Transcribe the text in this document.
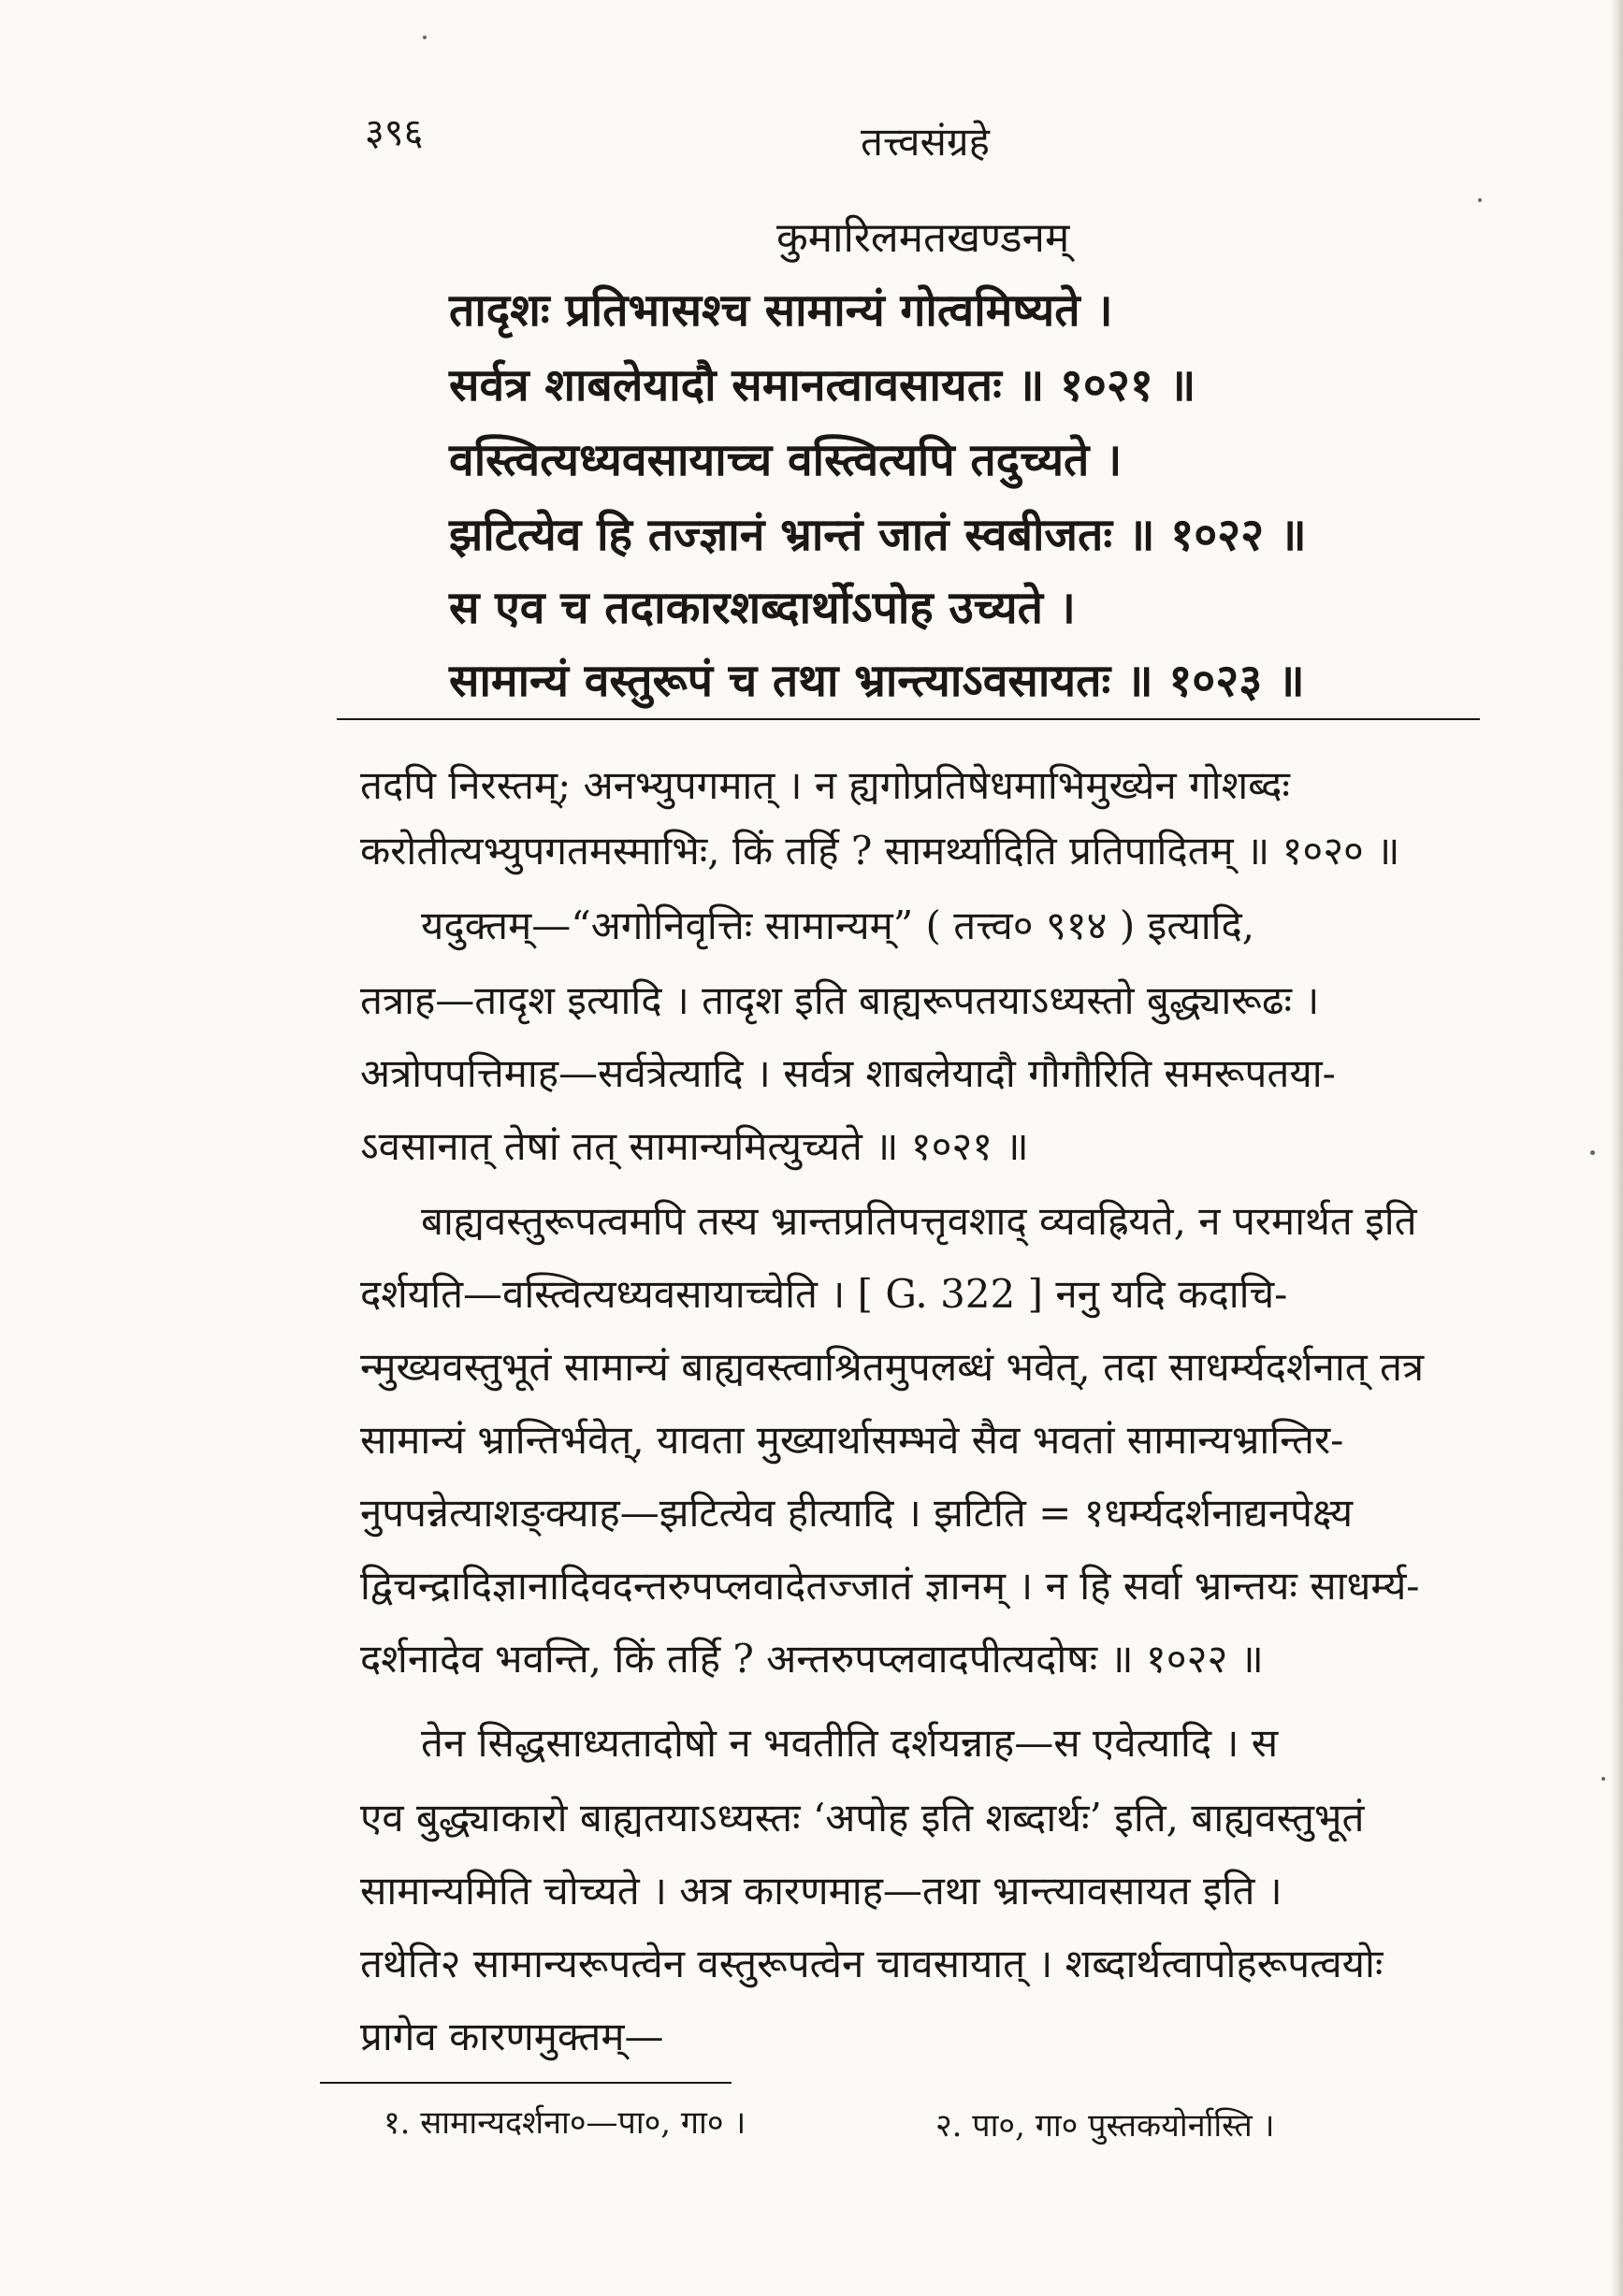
३९६	तत्त्वसंग्रहे
कुमारिलमतखण्डनम्
तादृशः प्रतिभासश्च सामान्यं गोत्वमिष्यते ।
सर्वत्र शाबलेयादौ समानत्वावसायतः ॥ १०२१ ॥
वस्त्वित्यध्यवसायाच्च वस्त्वित्यपि तदुच्यते ।
झटित्येव हि तज्ज्ञानं भ्रान्तं जातं स्वबीजतः ॥ १०२२ ॥
स एव च तदाकारशब्दार्थोऽपोह उच्यते ।
सामान्यं वस्तुरूपं च तथा भ्रान्त्याऽवसायतः ॥ १०२३ ॥
तदपि निरस्तम्; अनभ्युपगमात् । न ह्यगोप्रतिषेधमाभिमुख्येन गोशब्दः
करोतीत्यभ्युपगतमस्माभिः, किं तर्हि ? सामर्थ्यादिति प्रतिपादितम् ॥ १०२० ॥
यदुक्तम्—“अगोनिवृत्तिः सामान्यम्” ( तत्त्व० ९१४ ) इत्यादि,
तत्राह—तादृश इत्यादि । तादृश इति बाह्यरूपतयाऽध्यस्तो बुद्ध्यारूढः ।
अत्रोपपत्तिमाह—सर्वत्रेत्यादि । सर्वत्र शाबलेयादौ गौगौरिति समरूपतया-
ऽवसानात् तेषां तत् सामान्यमित्युच्यते ॥ १०२१ ॥
बाह्यवस्तुरूपत्वमपि तस्य भ्रान्तप्रतिपत्तृवशाद् व्यवह्रियते, न परमार्थत इति
दर्शयति—वस्त्वित्यध्यवसायाच्चेति । [ G. 322 ] ननु यदि कदाचि-
न्मुख्यवस्तुभूतं सामान्यं बाह्यवस्त्वाश्रितमुपलब्धं भवेत्, तदा साधर्म्यदर्शनात् तत्र
सामान्यं भ्रान्तिर्भवेत्, यावता मुख्यार्थासम्भवे सैव भवतां सामान्यभ्रान्तिर-
नुपपन्नेत्याशङ्क्याह—झटित्येव हीत्यादि । झटिति = १धर्म्यदर्शनाद्यनपेक्ष्य
द्विचन्द्रादिज्ञानादिवदन्तरुपप्लवादेतज्जातं ज्ञानम् । न हि सर्वा भ्रान्तयः साधर्म्य-
दर्शनादेव भवन्ति, किं तर्हि ? अन्तरुपप्लवादपीत्यदोषः ॥ १०२२ ॥
तेन सिद्धसाध्यतादोषो न भवतीति दर्शयन्नाह—स एवेत्यादि । स
एव बुद्ध्याकारो बाह्यतयाऽध्यस्तः ‘अपोह इति शब्दार्थः’ इति, बाह्यवस्तुभूतं
सामान्यमिति चोच्यते । अत्र कारणमाह—तथा भ्रान्त्यावसायत इति ।
तथेति२ सामान्यरूपत्वेन वस्तुरूपत्वेन चावसायात् । शब्दार्थत्वापोहरूपत्वयोः
प्रागेव कारणमुक्तम्—
१. सामान्यदर्शना०—पा०, गा० ।	२. पा०, गा० पुस्तकयोर्नास्ति ।
